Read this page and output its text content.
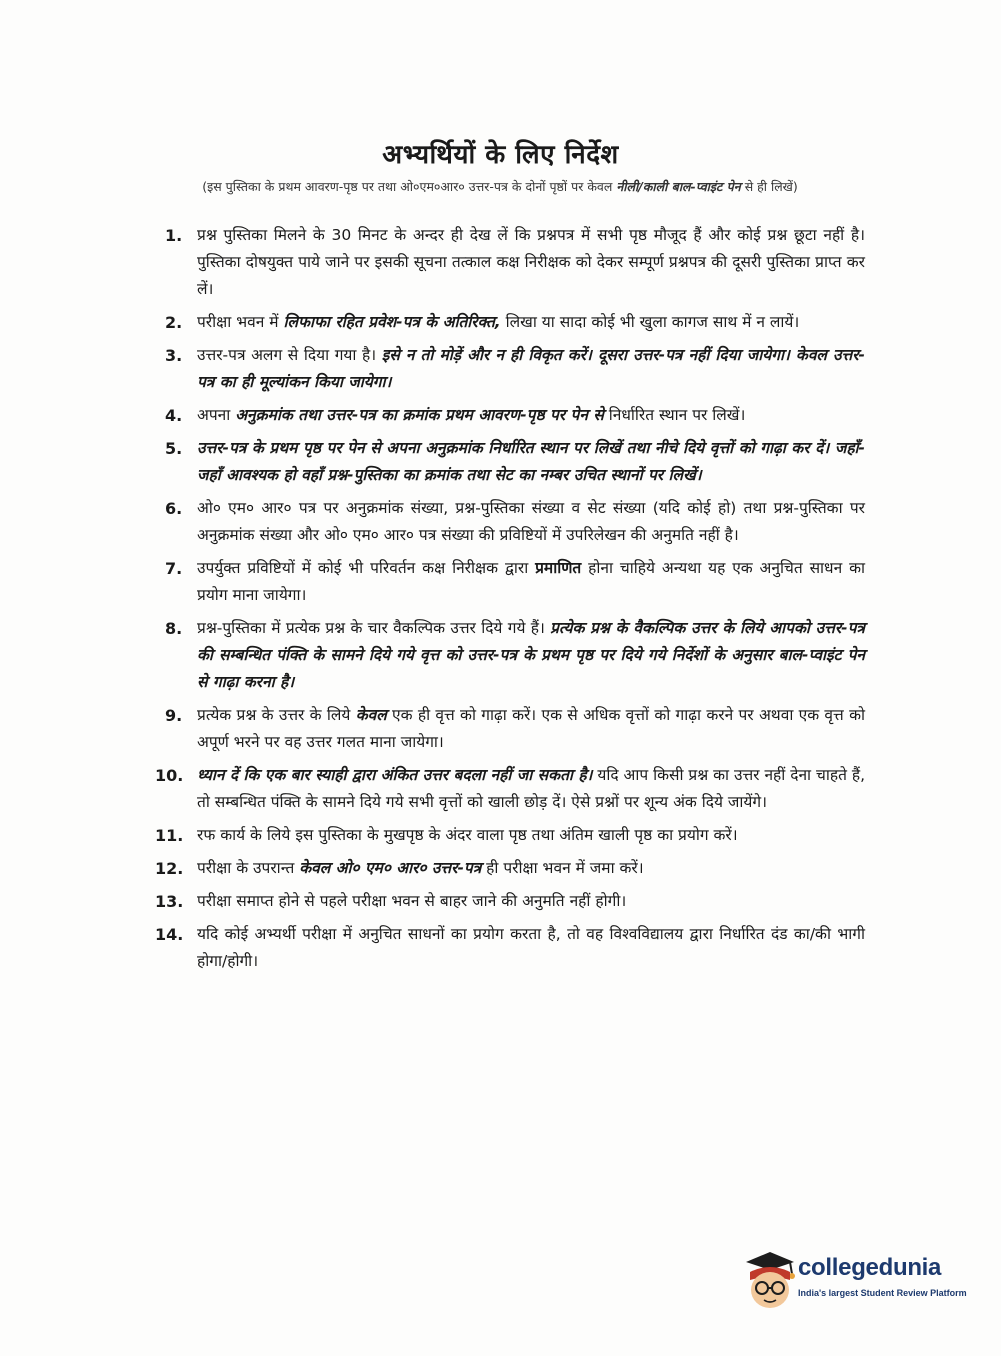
अभ्यर्थियों के लिए निर्देश
(इस पुस्तिका के प्रथम आवरण-पृष्ठ पर तथा ओ०एम०आर० उत्तर-पत्र के दोनों पृष्ठों पर केवल नीली/काली बाल-प्वाइंट पेन से ही लिखें)
1. प्रश्न पुस्तिका मिलने के 30 मिनट के अन्दर ही देख लें कि प्रश्नपत्र में सभी पृष्ठ मौजूद हैं और कोई प्रश्न छूटा नहीं है। पुस्तिका दोषयुक्त पाये जाने पर इसकी सूचना तत्काल कक्ष निरीक्षक को देकर सम्पूर्ण प्रश्नपत्र की दूसरी पुस्तिका प्राप्त कर लें।
2. परीक्षा भवन में लिफाफा रहित प्रवेश-पत्र के अतिरिक्त, लिखा या सादा कोई भी खुला कागज साथ में न लायें।
3. उत्तर-पत्र अलग से दिया गया है। इसे न तो मोड़ें और न ही विकृत करें। दूसरा उत्तर-पत्र नहीं दिया जायेगा। केवल उत्तर-पत्र का ही मूल्यांकन किया जायेगा।
4. अपना अनुक्रमांक तथा उत्तर-पत्र का क्रमांक प्रथम आवरण-पृष्ठ पर पेन से निर्धारित स्थान पर लिखें।
5. उत्तर-पत्र के प्रथम पृष्ठ पर पेन से अपना अनुक्रमांक निर्धारित स्थान पर लिखें तथा नीचे दिये वृत्तों को गाढ़ा कर दें। जहाँ-जहाँ आवश्यक हो वहाँ प्रश्न-पुस्तिका का क्रमांक तथा सेट का नम्बर उचित स्थानों पर लिखें।
6. ओ० एम० आर० पत्र पर अनुक्रमांक संख्या, प्रश्न-पुस्तिका संख्या व सेट संख्या (यदि कोई हो) तथा प्रश्न-पुस्तिका पर अनुक्रमांक संख्या और ओ० एम० आर० पत्र संख्या की प्रविष्टियों में उपरिलेखन की अनुमति नहीं है।
7. उपर्युक्त प्रविष्टियों में कोई भी परिवर्तन कक्ष निरीक्षक द्वारा प्रमाणित होना चाहिये अन्यथा यह एक अनुचित साधन का प्रयोग माना जायेगा।
8. प्रश्न-पुस्तिका में प्रत्येक प्रश्न के चार वैकल्पिक उत्तर दिये गये हैं। प्रत्येक प्रश्न के वैकल्पिक उत्तर के लिये आपको उत्तर-पत्र की सम्बन्धित पंक्ति के सामने दिये गये वृत्त को उत्तर-पत्र के प्रथम पृष्ठ पर दिये गये निर्देशों के अनुसार बाल-प्वाइंट पेन से गाढ़ा करना है।
9. प्रत्येक प्रश्न के उत्तर के लिये केवल एक ही वृत्त को गाढ़ा करें। एक से अधिक वृत्तों को गाढ़ा करने पर अथवा एक वृत्त को अपूर्ण भरने पर वह उत्तर गलत माना जायेगा।
10. ध्यान दें कि एक बार स्याही द्वारा अंकित उत्तर बदला नहीं जा सकता है। यदि आप किसी प्रश्न का उत्तर नहीं देना चाहते हैं, तो सम्बन्धित पंक्ति के सामने दिये गये सभी वृत्तों को खाली छोड़ दें। ऐसे प्रश्नों पर शून्य अंक दिये जायेंगे।
11. रफ कार्य के लिये इस पुस्तिका के मुखपृष्ठ के अंदर वाला पृष्ठ तथा अंतिम खाली पृष्ठ का प्रयोग करें।
12. परीक्षा के उपरान्त केवल ओ० एम० आर० उत्तर-पत्र ही परीक्षा भवन में जमा करें।
13. परीक्षा समाप्त होने से पहले परीक्षा भवन से बाहर जाने की अनुमति नहीं होगी।
14. यदि कोई अभ्यर्थी परीक्षा में अनुचित साधनों का प्रयोग करता है, तो वह विश्वविद्यालय द्वारा निर्धारित दंड का/की भागी होगा/होगी।
collegedunia
India's largest Student Review Platform
